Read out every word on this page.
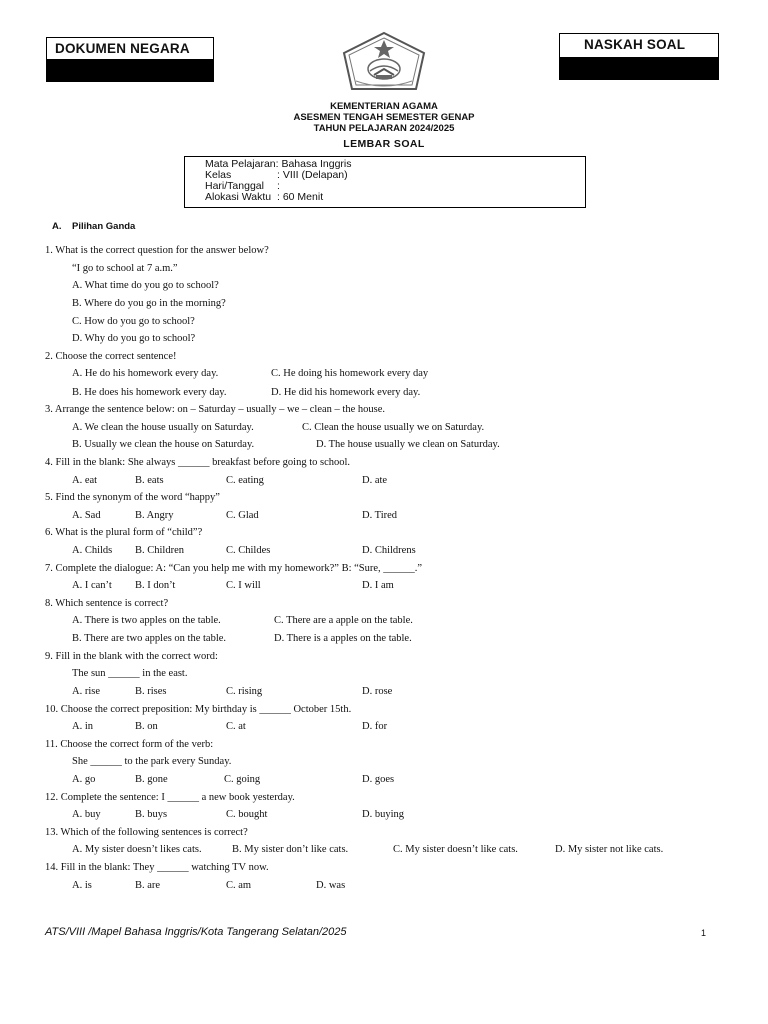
DOKUMEN NEGARA	NASKAH SOAL
KEMENTERIAN AGAMA
ASESMEN TENGAH SEMESTER GENAP
TAHUN PELAJARAN 2024/2025
LEMBAR SOAL
Mata Pelajaran: Bahasa Inggris
Kelas	: VIII (Delapan)
Hari/Tanggal :
Alokasi Waktu : 60 Menit
A. Pilihan Ganda
1. What is the correct question for the answer below?
“I go to school at 7 a.m.”
A. What time do you go to school?
B. Where do you go in the morning?
C. How do you go to school?
D. Why do you go to school?
2. Choose the correct sentence!
A. He do his homework every day.	C. He doing his homework every day
B. He does his homework every day.	D. He did his homework every day.
3. Arrange the sentence below: on – Saturday – usually – we – clean – the house.
A. We clean the house usually on Saturday.	C. Clean the house usually we on Saturday.
B. Usually we clean the house on Saturday.	D. The house usually we clean on Saturday.
4. Fill in the blank: She always ______ breakfast before going to school.
A. eat	B. eats	C. eating	D. ate
5. Find the synonym of the word “happy”
A. Sad	B. Angry	C. Glad	D. Tired
6. What is the plural form of “child”?
A. Childs B. Children	C. Childes	D. Childrens
7. Complete the dialogue: A: “Can you help me with my homework?” B: “Sure, ______.”
A. I can’t B. I don’t	C. I will	D. I am
8. Which sentence is correct?
A. There is two apples on the table.	C. There are a apple on the table.
B. There are two apples on the table.	D. There is a apples on the table.
9. Fill in the blank with the correct word:
The sun ______ in the east.
A. rise	B. rises	C. rising	D. rose
10. Choose the correct preposition: My birthday is ______ October 15th.
A. in	B. on	C. at	D. for
11. Choose the correct form of the verb:
She ______ to the park every Sunday.
A. go	B. gone	C. going	D. goes
12. Complete the sentence: I ______ a new book yesterday.
A. buy	B. buys	C. bought	D. buying
13. Which of the following sentences is correct?
A. My sister doesn’t likes cats.	B. My sister don’t like cats.	C. My sister doesn’t like cats.	D. My sister not like cats.
14. Fill in the blank: They ______ watching TV now.
A. is	B. are	C. am	D. was
ATS/VIII /Mapel Bahasa Inggris/Kota Tangerang Selatan/2025	1
